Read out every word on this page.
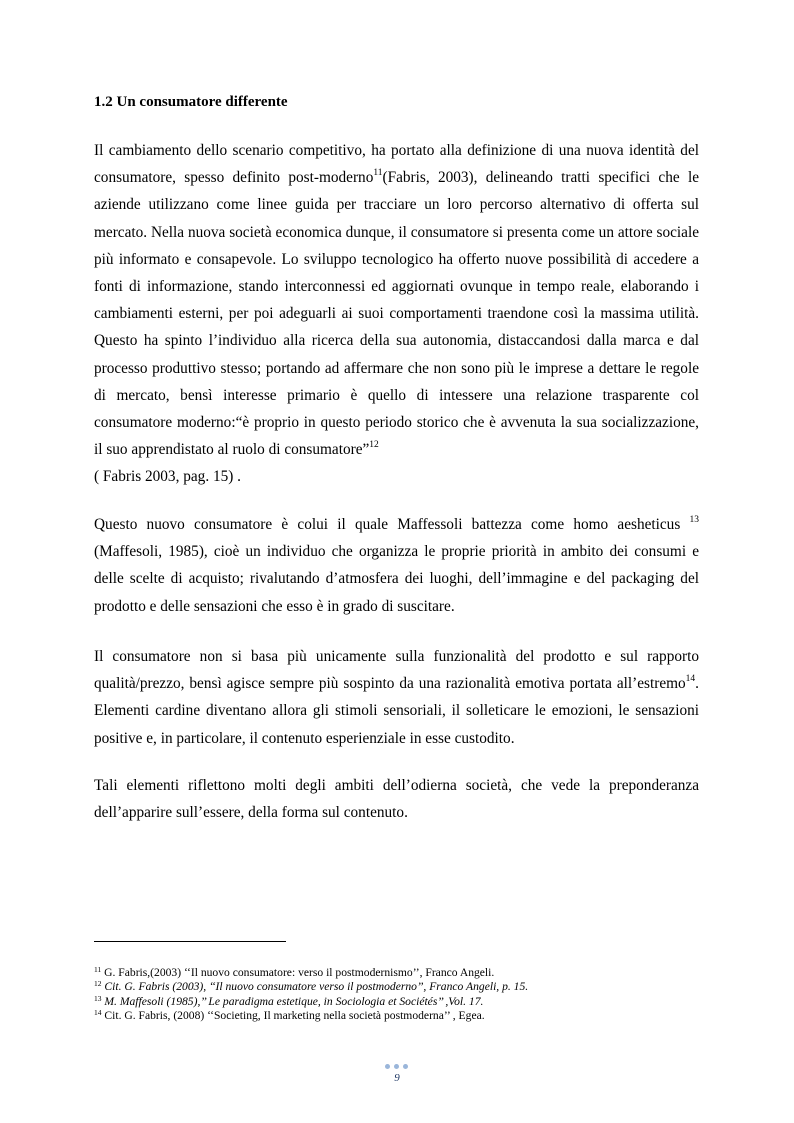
1.2 Un consumatore differente

Il cambiamento dello scenario competitivo, ha portato alla definizione di una nuova identità del consumatore, spesso definito post-moderno$^{11}$(Fabris, 2003), delineando tratti specifici che le aziende utilizzano come linee guida per tracciare un loro percorso alternativo di offerta sul mercato. Nella nuova società economica dunque, il consumatore si presenta come un attore sociale più informato e consapevole. Lo sviluppo tecnologico ha offerto nuove possibilità di accedere a fonti di informazione, stando interconnessi ed aggiornati ovunque in tempo reale, elaborando i cambiamenti esterni, per poi adeguarli ai suoi comportamenti traendone così la massima utilità. Questo ha spinto l’individuo alla ricerca della sua autonomia, distaccandosi dalla marca e dal processo produttivo stesso; portando ad affermare che non sono più le imprese a dettare le regole di mercato, bensì interesse primario è quello di intessere una relazione trasparente col consumatore moderno:“è proprio in questo periodo storico che è avvenuta la sua socializzazione, il suo apprendistato al ruolo di consumatore”$^{12}$
( Fabris 2003, pag. 15) .

Questo nuovo consumatore è colui il quale Maffessoli battezza come homo aesheticus $^{13}$ (Maffesoli, 1985), cioè un individuo che organizza le proprie priorità in ambito dei consumi e delle scelte di acquisto; rivalutando d’atmosfera dei luoghi, dell’immagine e del packaging del prodotto e delle sensazioni che esso è in grado di suscitare.

Il consumatore non si basa più unicamente sulla funzionalità del prodotto e sul rapporto qualità/prezzo, bensì agisce sempre più sospinto da una razionalità emotiva portata all’estremo$^{14}$. Elementi cardine diventano allora gli stimoli sensoriali, il solleticare le emozioni, le sensazioni positive e, in particolare, il contenuto esperienziale in esse custodito.

Tali elementi riflettono molti degli ambiti dell’odierna società, che vede la preponderanza dell’apparire sull’essere, della forma sul contenuto.

$^{11}$ G. Fabris,(2003) ‘‘Il nuovo consumatore: verso il postmodernismo’’, Franco Angeli.
$^{12}$ Cit. G. Fabris (2003), ‘‘Il nuovo consumatore verso il postmoderno’’, Franco Angeli, p. 15.
$^{13}$ M. Maffesoli (1985),’’ Le paradigma estetique, in Sociologia et Sociétés’’ ,Vol. 17.
$^{14}$ Cit. G. Fabris, (2008) ‘‘Societing, Il marketing nella società postmoderna’’ , Egea.
9
